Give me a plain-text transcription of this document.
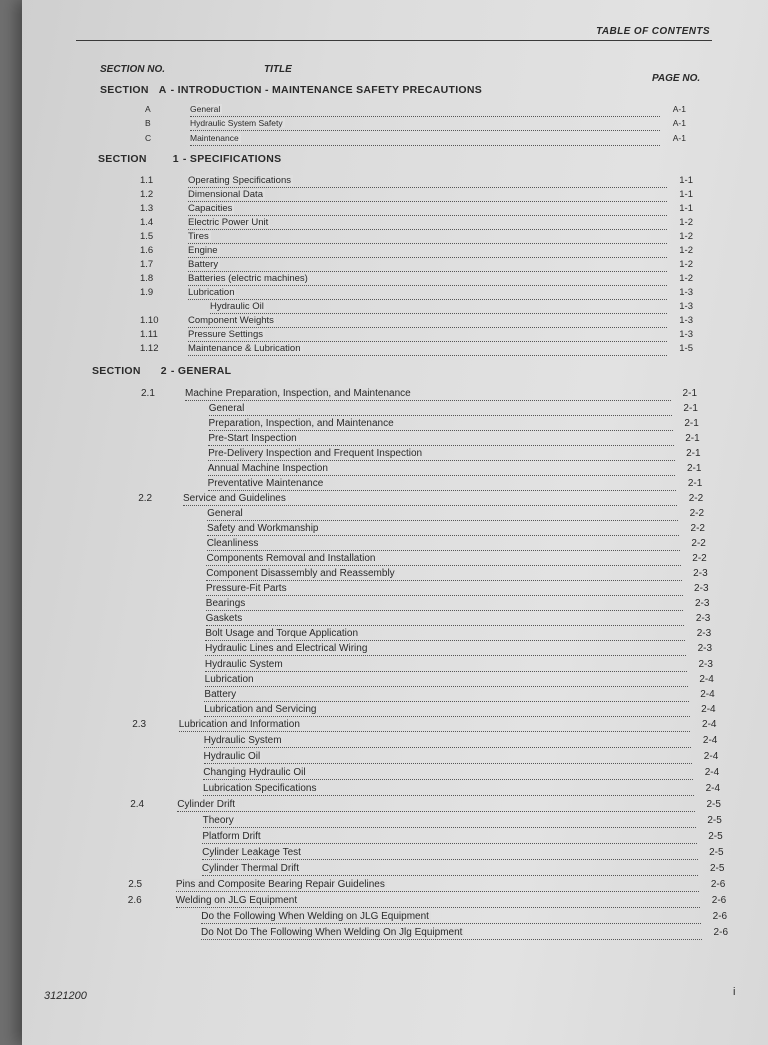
TABLE OF CONTENTS
SECTION NO.	TITLE
PAGE NO.
SECTION A - INTRODUCTION - MAINTENANCE SAFETY PRECAUTIONS
A	General	A-1
B	Hydraulic System Safety	A-1
C	Maintenance	A-1
SECTION 1 - SPECIFICATIONS
1.1	Operating Specifications	1-1
1.2	Dimensional Data	1-1
1.3	Capacities	1-1
1.4	Electric Power Unit	1-2
1.5	Tires	1-2
1.6	Engine	1-2
1.7	Battery	1-2
1.8	Batteries (electric machines)	1-2
1.9	Lubrication	1-3
Hydraulic Oil	1-3
1.10	Component Weights	1-3
1.11	Pressure Settings	1-3
1.12	Maintenance & Lubrication	1-5
SECTION 2 - GENERAL
2.1	Machine Preparation, Inspection, and Maintenance	2-1
General	2-1
Preparation, Inspection, and Maintenance	2-1
Pre-Start Inspection	2-1
Pre-Delivery Inspection and Frequent Inspection	2-1
Annual Machine Inspection	2-1
Preventative Maintenance	2-1
2.2	Service and Guidelines	2-2
General	2-2
Safety and Workmanship	2-2
Cleanliness	2-2
Components Removal and Installation	2-2
Component Disassembly and Reassembly	2-3
Pressure-Fit Parts	2-3
Bearings	2-3
Gaskets	2-3
Bolt Usage and Torque Application	2-3
Hydraulic Lines and Electrical Wiring	2-3
Hydraulic System	2-3
Lubrication	2-4
Battery	2-4
Lubrication and Servicing	2-4
2.3	Lubrication and Information	2-4
Hydraulic System	2-4
Hydraulic Oil	2-4
Changing Hydraulic Oil	2-4
Lubrication Specifications	2-4
2.4	Cylinder Drift	2-5
Theory	2-5
Platform Drift	2-5
Cylinder Leakage Test	2-5
Cylinder Thermal Drift	2-5
2.5	Pins and Composite Bearing Repair Guidelines	2-6
2.6	Welding on JLG Equipment	2-6
Do the Following When Welding on JLG Equipment	2-6
Do Not Do The Following When Welding On Jlg Equipment	2-6
3121200	i
